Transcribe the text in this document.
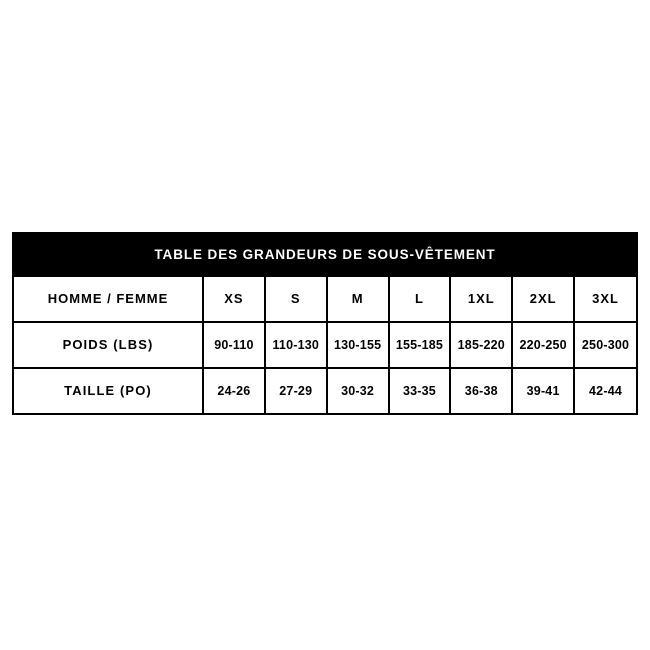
TABLE DES GRANDEURS DE SOUS-VÊTEMENT
HOMME / FEMME	XS	S	M	L	1XL	2XL	3XL
POIDS (LBS)	90-110	110-130	130-155	155-185	185-220	220-250	250-300
TAILLE (PO)	24-26	27-29	30-32	33-35	36-38	39-41	42-44
